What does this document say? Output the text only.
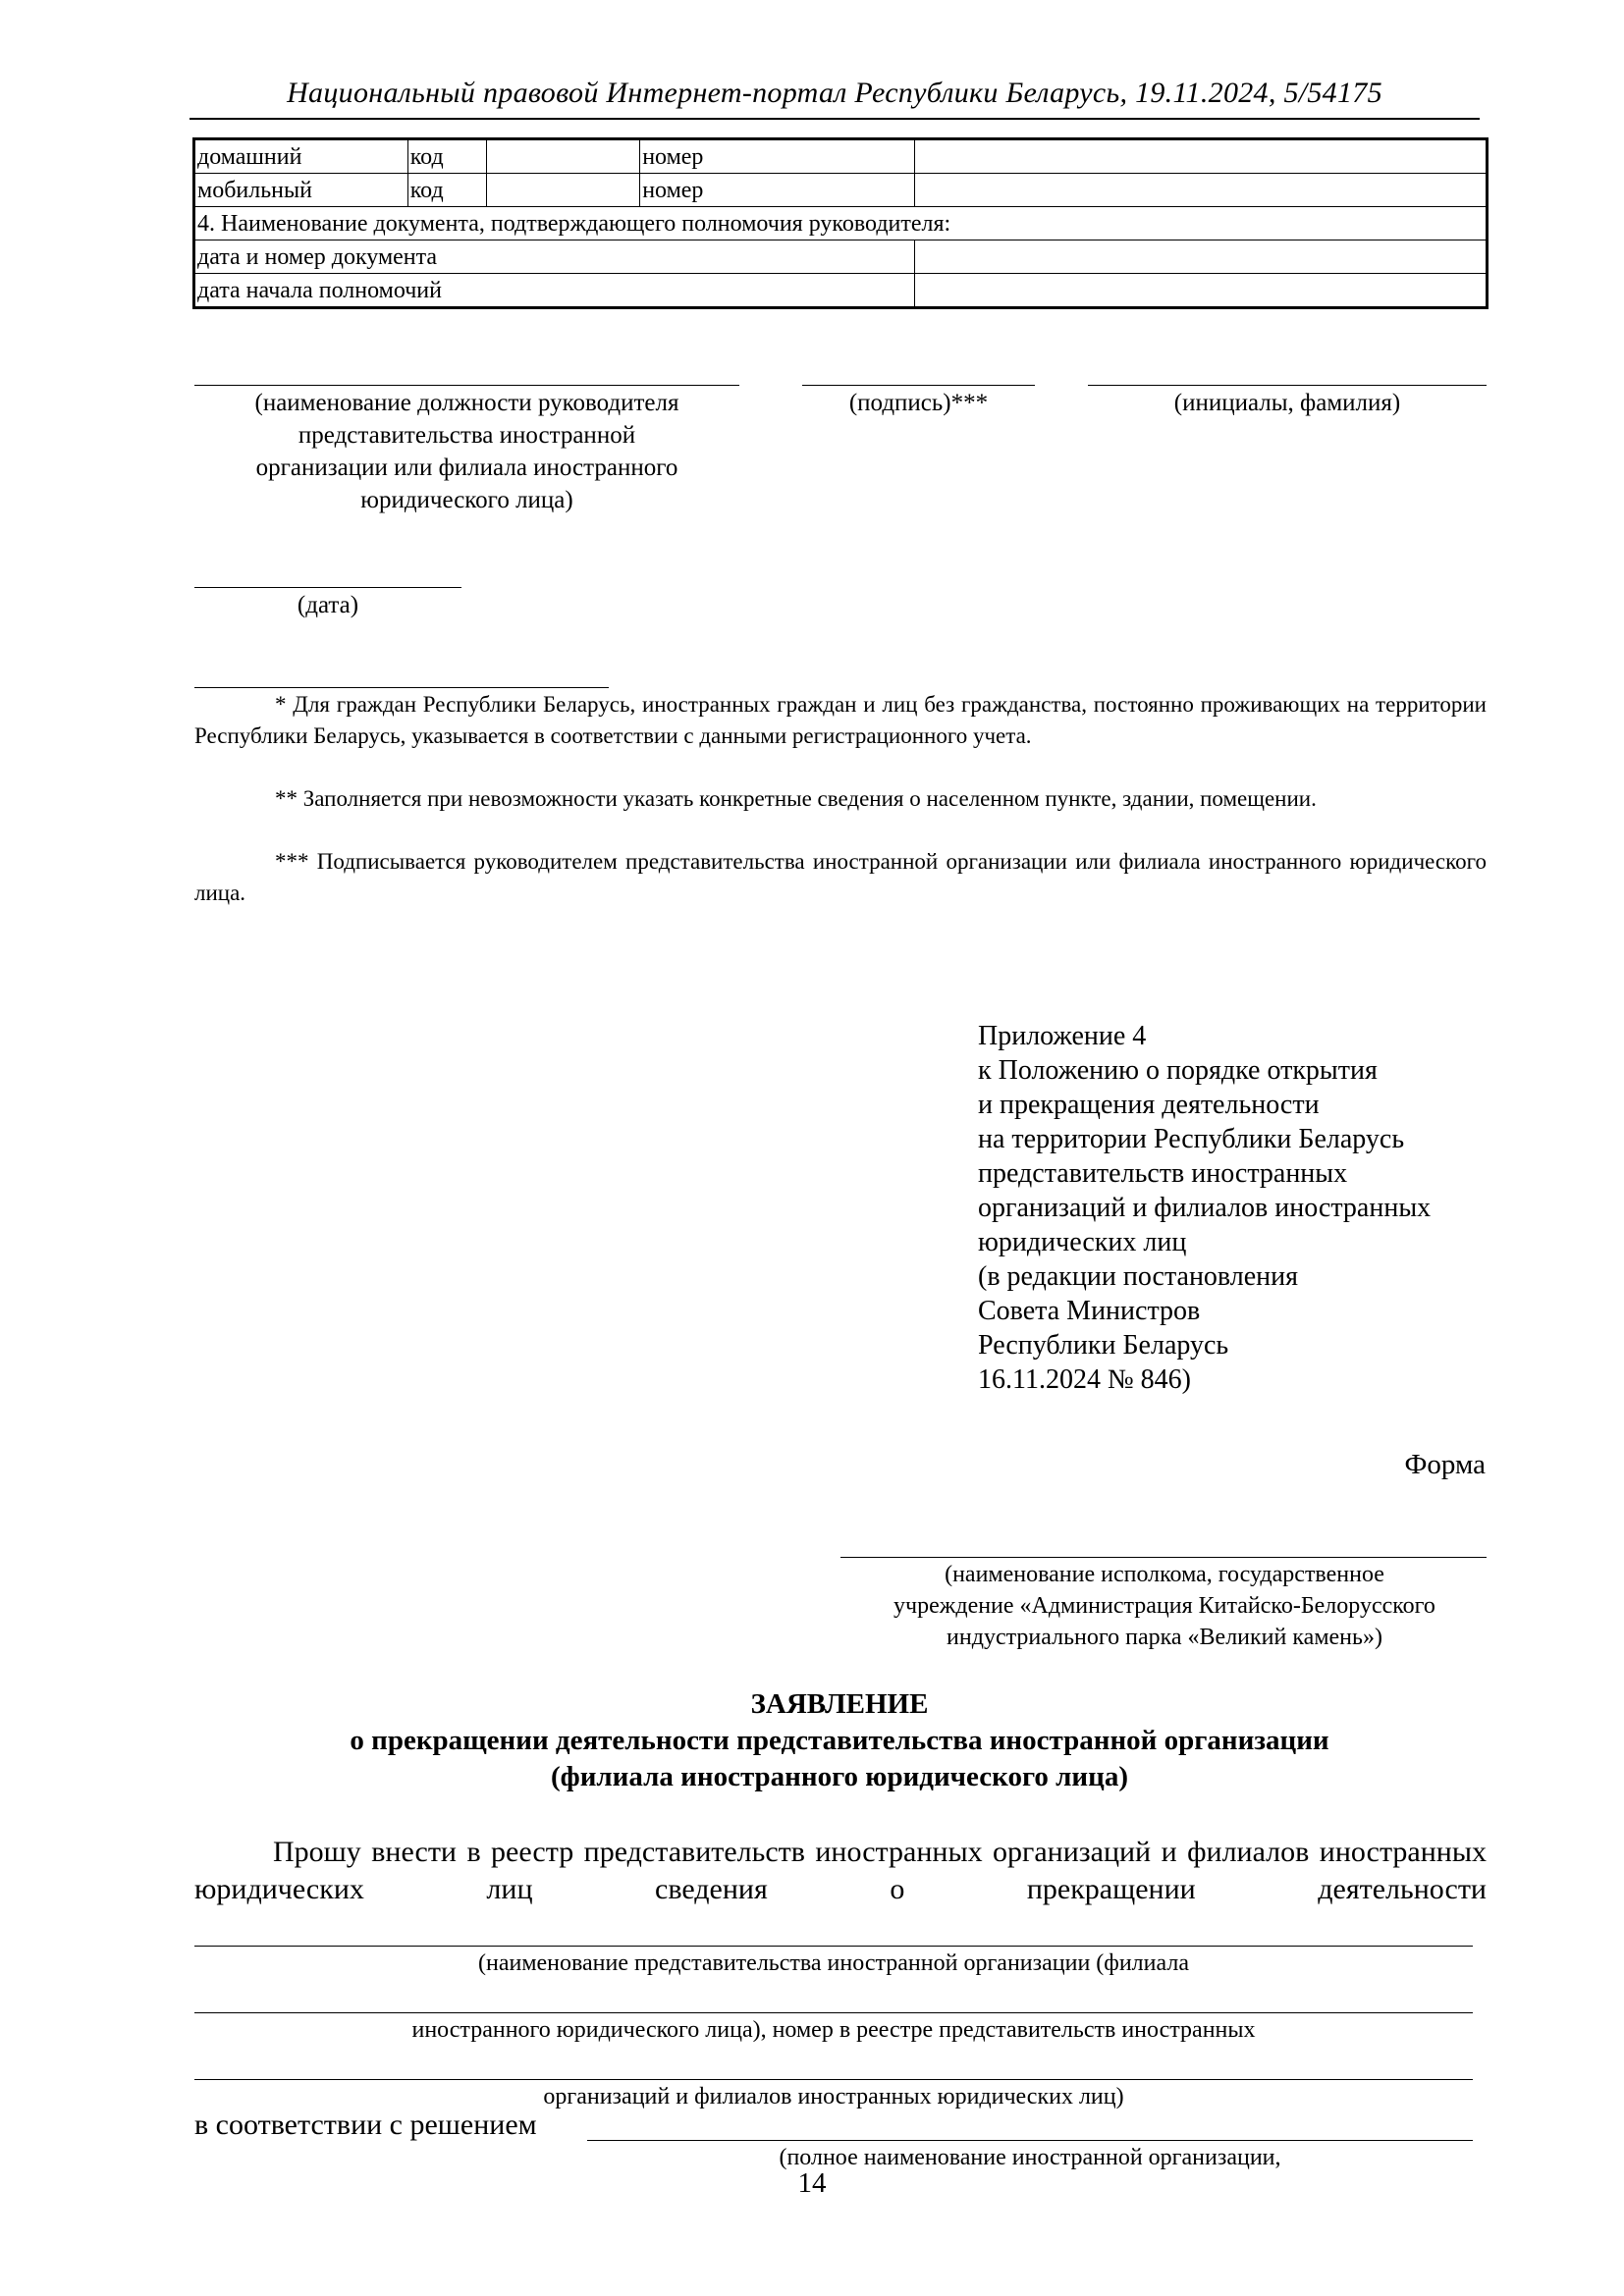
Национальный правовой Интернет-портал Республики Беларусь, 19.11.2024, 5/54175
домашний	код		номер	
мобильный	код		номер	
4. Наименование документа, подтверждающего полномочия руководителя:				
дата и номер документа				
дата начала полномочий				
(наименование должности руководителя
представительства иностранной
организации или филиала иностранного
юридического лица)
(подпись)***	(инициалы, фамилия)
(дата)
* Для граждан Республики Беларусь, иностранных граждан и лиц без гражданства, постоянно проживающих на территории Республики Беларусь, указывается в соответствии с данными регистрационного учета.
** Заполняется при невозможности указать конкретные сведения о населенном пункте, здании, помещении.
*** Подписывается руководителем представительства иностранной организации или филиала иностранного юридического лица.
Приложение 4
к Положению о порядке открытия
и прекращения деятельности
на территории Республики Беларусь
представительств иностранных
организаций и филиалов иностранных
юридических лиц
(в редакции постановления
Совета Министров
Республики Беларусь
16.11.2024 № 846)
Форма
(наименование исполкома, государственное
учреждение «Администрация Китайско-Белорусского
индустриального парка «Великий камень»)
ЗАЯВЛЕНИЕ
о прекращении деятельности представительства иностранной организации
(филиала иностранного юридического лица)
Прошу внести в реестр представительств иностранных организаций и филиалов иностранных юридических лиц сведения о прекращении деятельности
(наименование представительства иностранной организации (филиала
иностранного юридического лица), номер в реестре представительств иностранных
организаций и филиалов иностранных юридических лиц)
в соответствии с решением
(полное наименование иностранной организации,
14
